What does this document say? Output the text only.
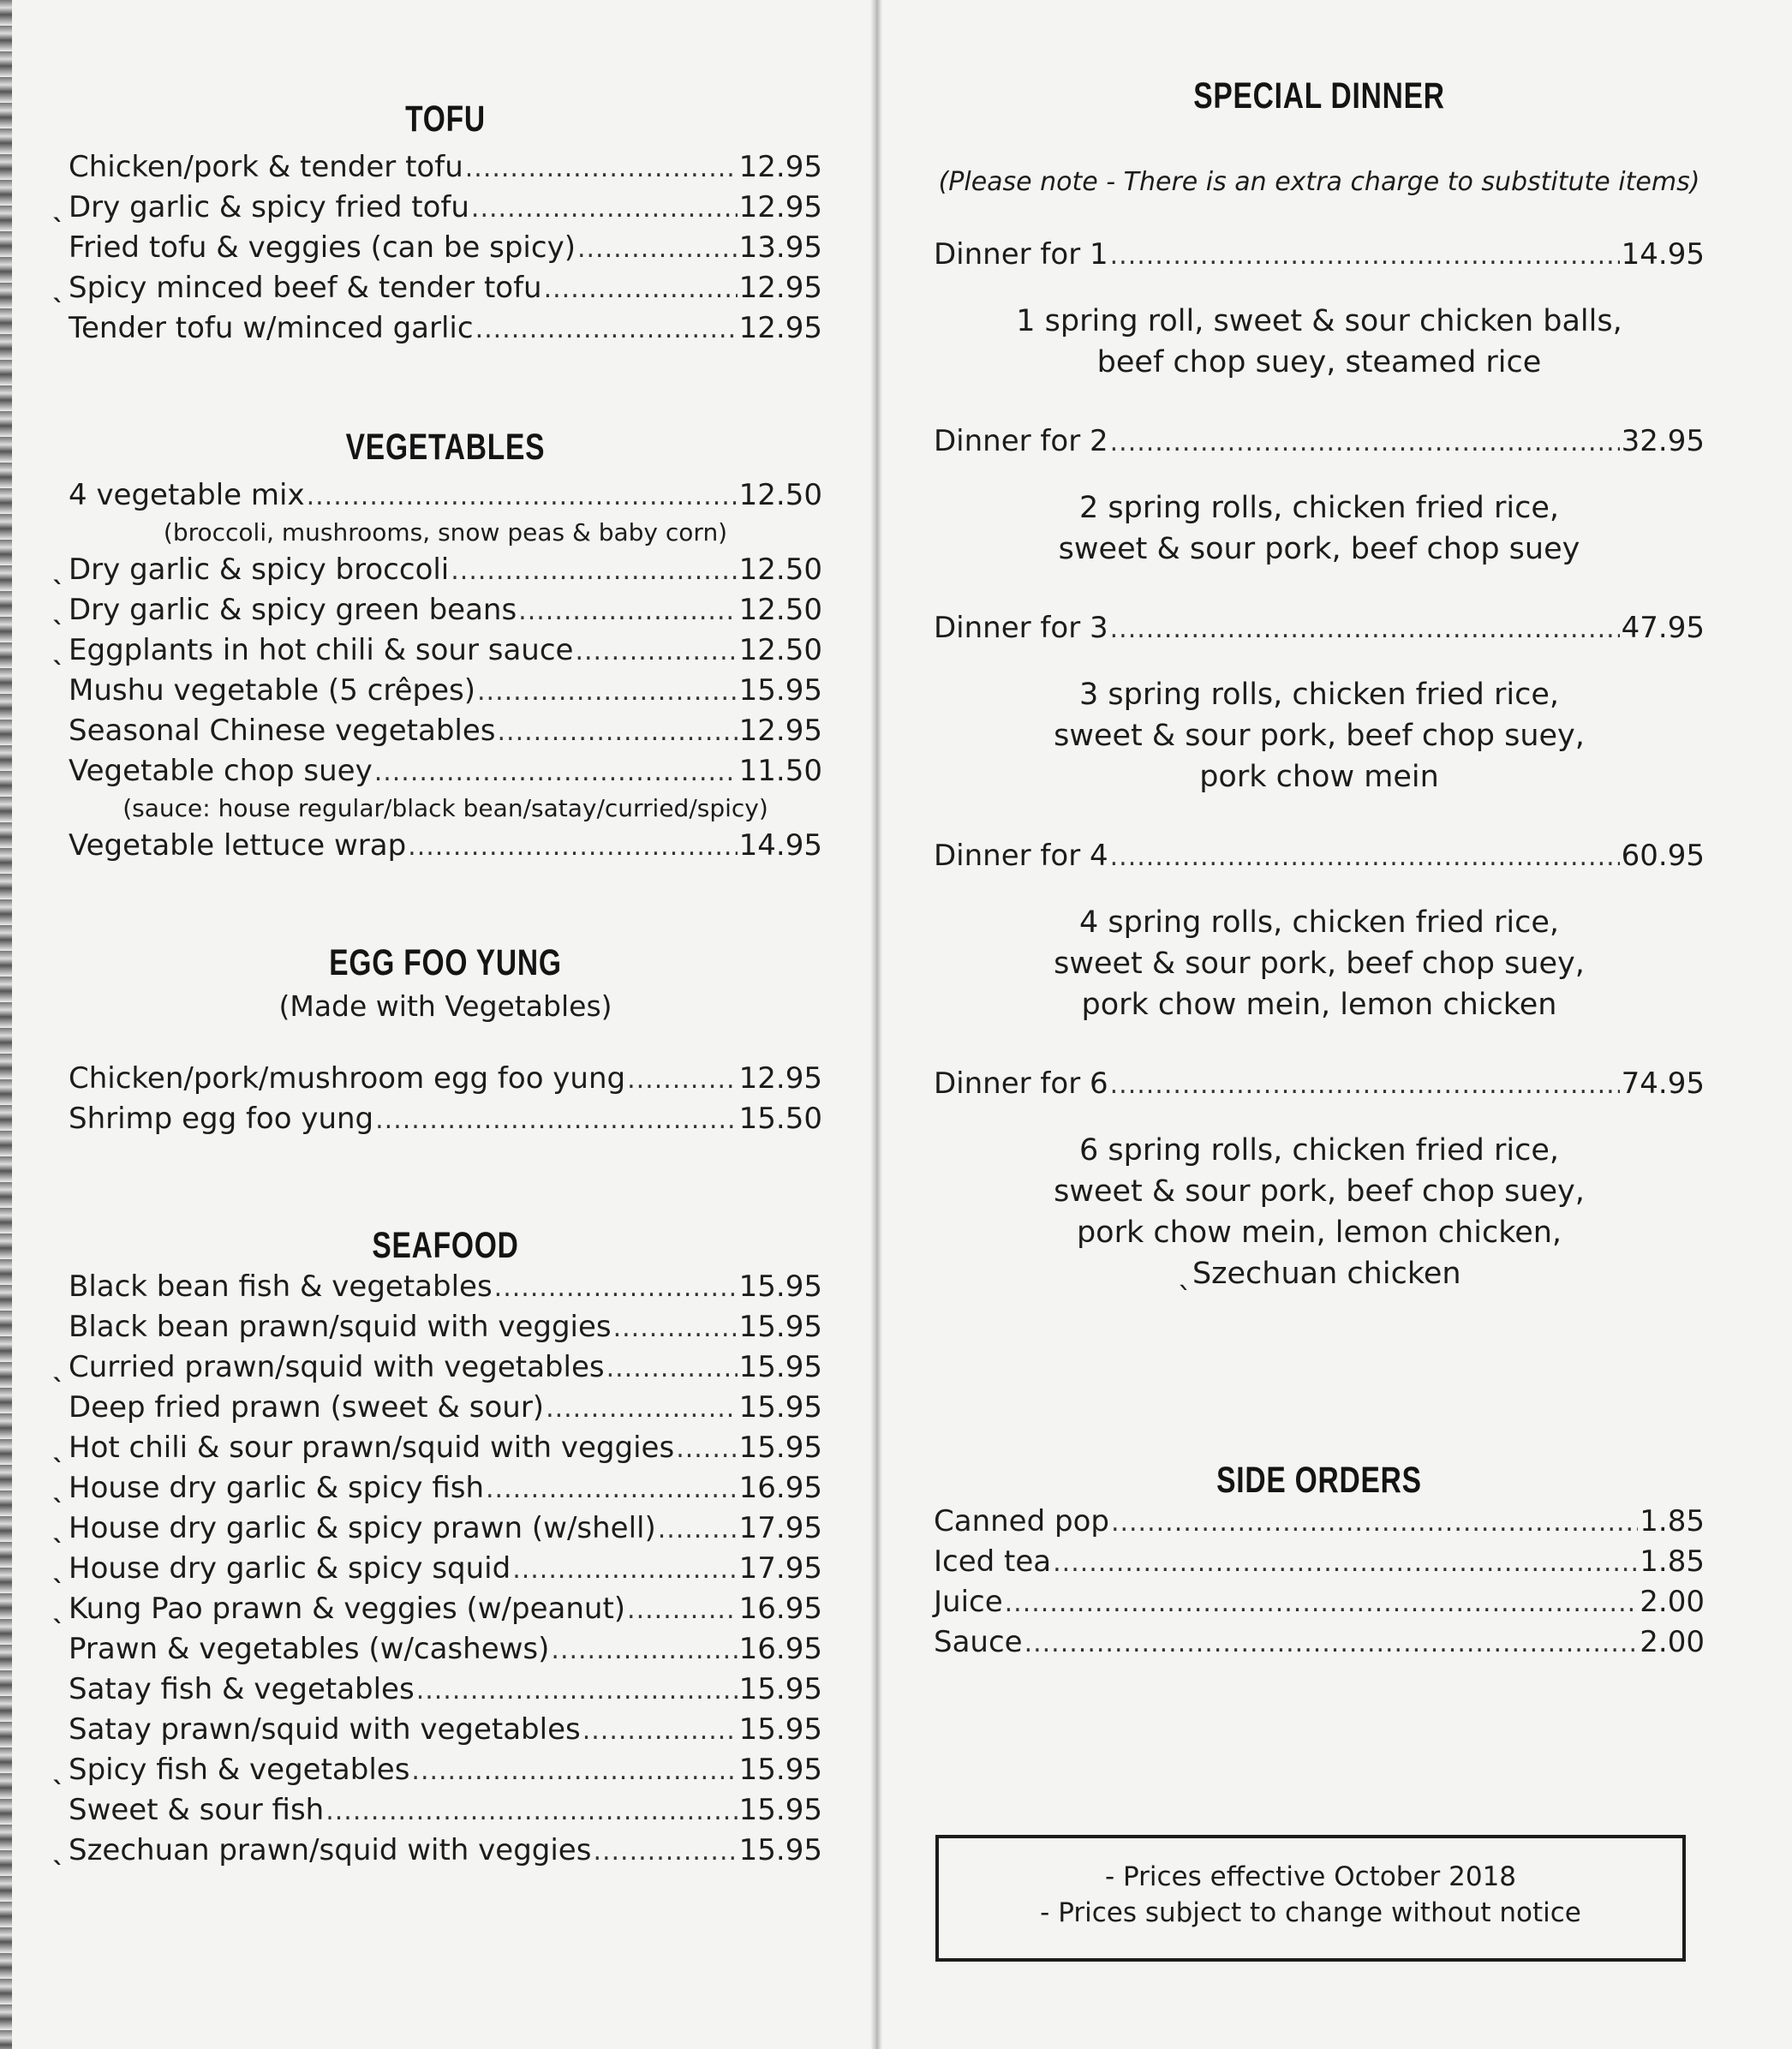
TOFU
Chicken/pork & tender tofu .....	12.95
ˎ Dry garlic & spicy fried tofu .....	12.95
Fried tofu & veggies (can be spicy) .....	13.95
ˎ Spicy minced beef & tender tofu .....	12.95
Tender tofu w/minced garlic .....	12.95
VEGETABLES
4 vegetable mix .....	12.50
(broccoli, mushrooms, snow peas & baby corn)
ˎ Dry garlic & spicy broccoli .....	12.50
ˎ Dry garlic & spicy green beans .....	12.50
ˎ Eggplants in hot chili & sour sauce .....	12.50
Mushu vegetable (5 crêpes) .....	15.95
Seasonal Chinese vegetables .....	12.95
Vegetable chop suey .....	11.50
(sauce: house regular/black bean/satay/curried/spicy)
Vegetable lettuce wrap .....	14.95
EGG FOO YUNG
(Made with Vegetables)
Chicken/pork/mushroom egg foo yung .....	12.95
Shrimp egg foo yung .....	15.50
SEAFOOD
Black bean fish & vegetables .....	15.95
Black bean prawn/squid with veggies .....	15.95
ˎ Curried prawn/squid with vegetables .....	15.95
Deep fried prawn (sweet & sour) .....	15.95
ˎ Hot chili & sour prawn/squid with veggies ..... 15.95
ˎ House dry garlic & spicy fish .....	16.95
ˎ House dry garlic & spicy prawn (w/shell) .....	17.95
ˎ House dry garlic & spicy squid .....	17.95
ˎ Kung Pao prawn & veggies (w/peanut) .....	16.95
Prawn & vegetables (w/cashews) .....	16.95
Satay fish & vegetables .....	15.95
Satay prawn/squid with vegetables .....	15.95
ˎ Spicy fish & vegetables .....	15.95
Sweet & sour fish .....	15.95
ˎ Szechuan prawn/squid with veggies .....	15.95
SPECIAL DINNER
(Please note - There is an extra charge to substitute items)
Dinner for 1 .....	14.95
1 spring roll, sweet & sour chicken balls,
beef chop suey, steamed rice
Dinner for 2 .....	32.95
2 spring rolls, chicken fried rice,
sweet & sour pork, beef chop suey
Dinner for 3 .....	47.95
3 spring rolls, chicken fried rice,
sweet & sour pork, beef chop suey,
pork chow mein
Dinner for 4 .....	60.95
4 spring rolls, chicken fried rice,
sweet & sour pork, beef chop suey,
pork chow mein, lemon chicken
Dinner for 6 .....	74.95
6 spring rolls, chicken fried rice,
sweet & sour pork, beef chop suey,
pork chow mein, lemon chicken,
ˎSzechuan chicken
SIDE ORDERS
Canned pop .....	1.85
Iced tea .....	1.85
Juice .....	2.00
Sauce .....	2.00
- Prices effective October 2018
- Prices subject to change without notice
